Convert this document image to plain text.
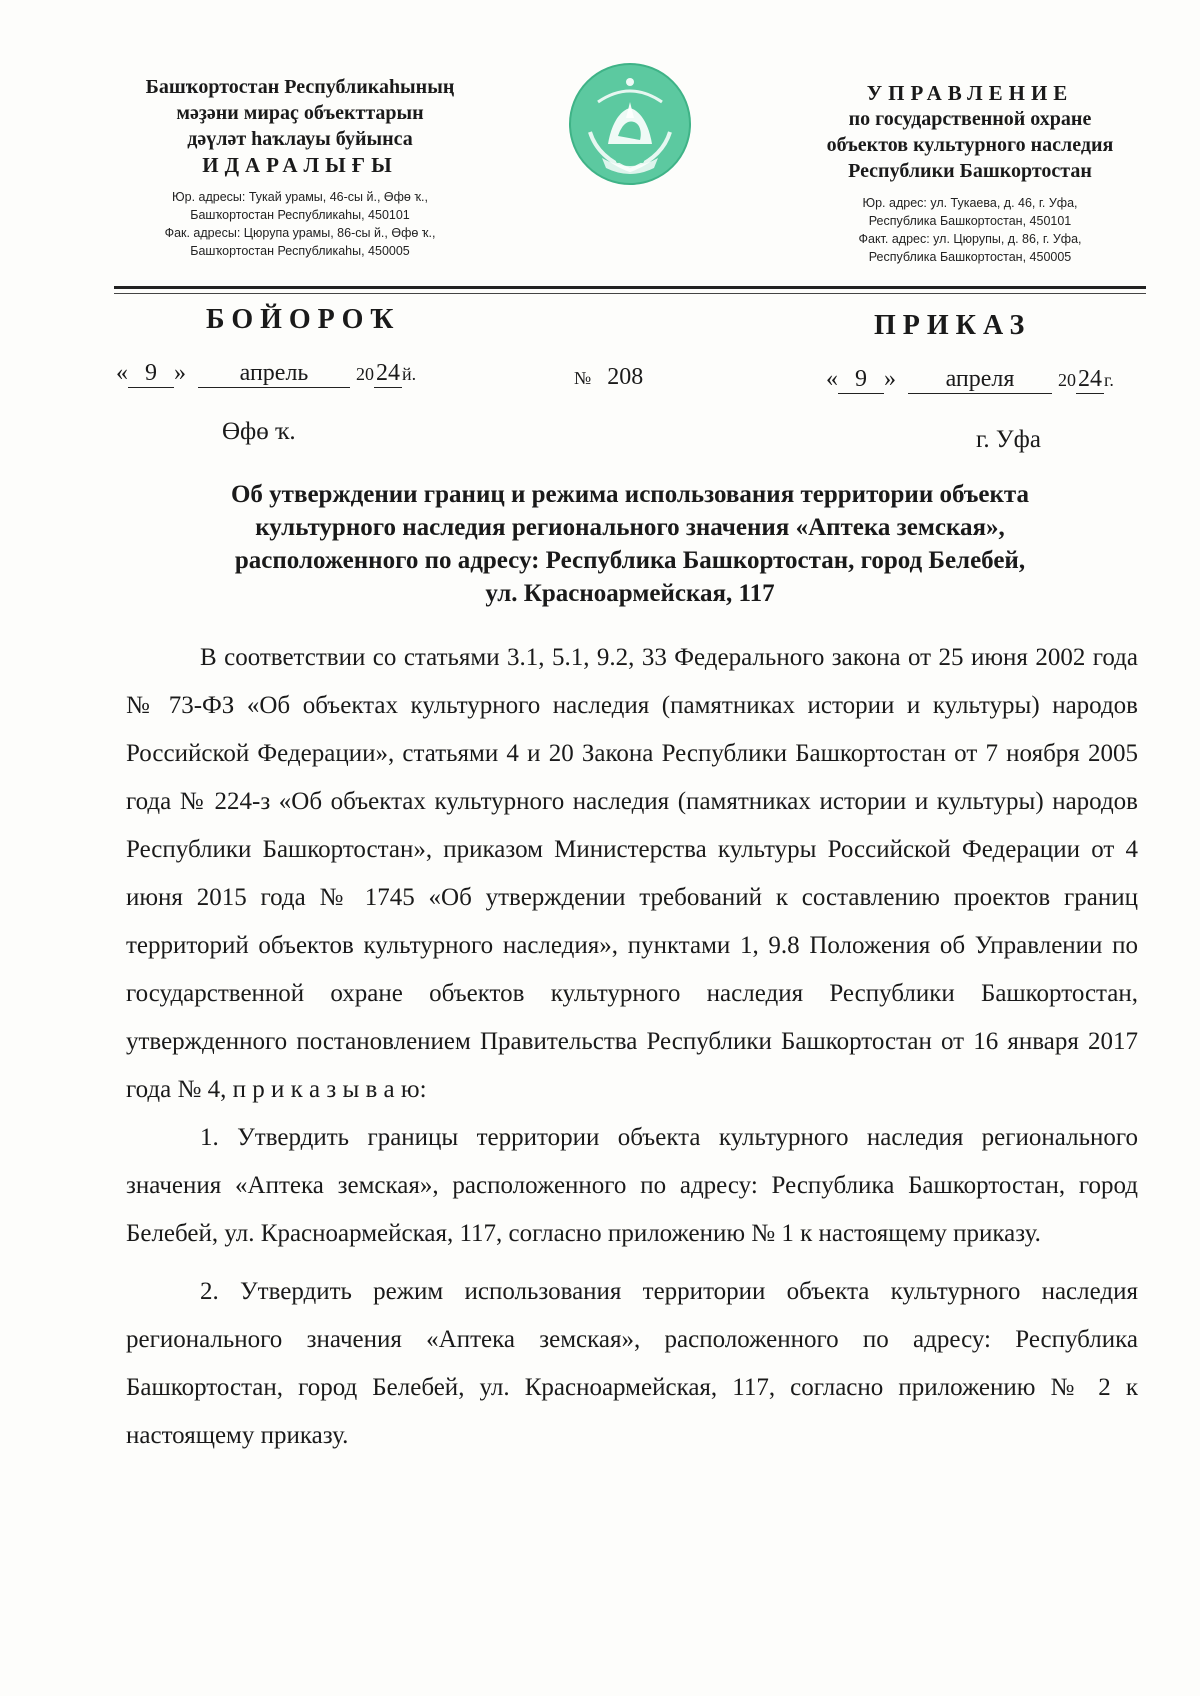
Башҡортостан Республикаһының
мәҙәни мираҫ объекттарын
дәүләт һаҡлауы буйынса
ИДАРАЛЫҒЫ
Юр. адресы: Тукай урамы, 46-сы й., Өфө ҡ.,
Башҡортостан Республикаһы, 450101
Фак. адресы: Цюрупа урамы, 86-сы й., Өфө ҡ.,
Башҡортостан Республикаһы, 450005
УПРАВЛЕНИЕ
по государственной охране
объектов культурного наследия
Республики Башкортостан
Юр. адрес: ул. Тукаева, д. 46, г. Уфа,
Республика Башкортостан, 450101
Факт. адрес: ул. Цюрупы, д. 86, г. Уфа,
Республика Башкортостан, 450005
БОЙОРОҠ	ПРИКАЗ
« 9 » апрель	2024 й.	№ 208	« 9 » апреля 2024 г.
Өфө ҡ.	г. Уфа
Об утверждении границ и режима использования территории объекта
культурного наследия регионального значения «Аптека земская»,
расположенного по адресу: Республика Башкортостан, город Белебей,
ул. Красноармейская, 117

В соответствии со статьями 3.1, 5.1, 9.2, 33 Федерального закона от 25 июня 2002 года № 73-ФЗ «Об объектах культурного наследия (памятниках истории и культуры) народов Российской Федерации», статьями 4 и 20 Закона Республики Башкортостан от 7 ноября 2005 года № 224-з «Об объектах культурного наследия (памятниках истории и культуры) народов Республики Башкортостан», приказом Министерства культуры Российской Федерации от 4 июня 2015 года № 1745 «Об утверждении требований к составлению проектов границ территорий объектов культурного наследия», пунктами 1, 9.8 Положения об Управлении по государственной охране объектов культурного наследия Республики Башкортостан, утвержденного постановлением Правительства Республики Башкортостан от 16 января 2017 года № 4, п р и к а з ы в а ю:

1. Утвердить границы территории объекта культурного наследия регионального значения «Аптека земская», расположенного по адресу: Республика Башкортостан, город Белебей, ул. Красноармейская, 117, согласно приложению № 1 к настоящему приказу.

2. Утвердить режим использования территории объекта культурного наследия регионального значения «Аптека земская», расположенного по адресу: Республика Башкортостан, город Белебей, ул. Красноармейская, 117, согласно приложению № 2 к настоящему приказу.
